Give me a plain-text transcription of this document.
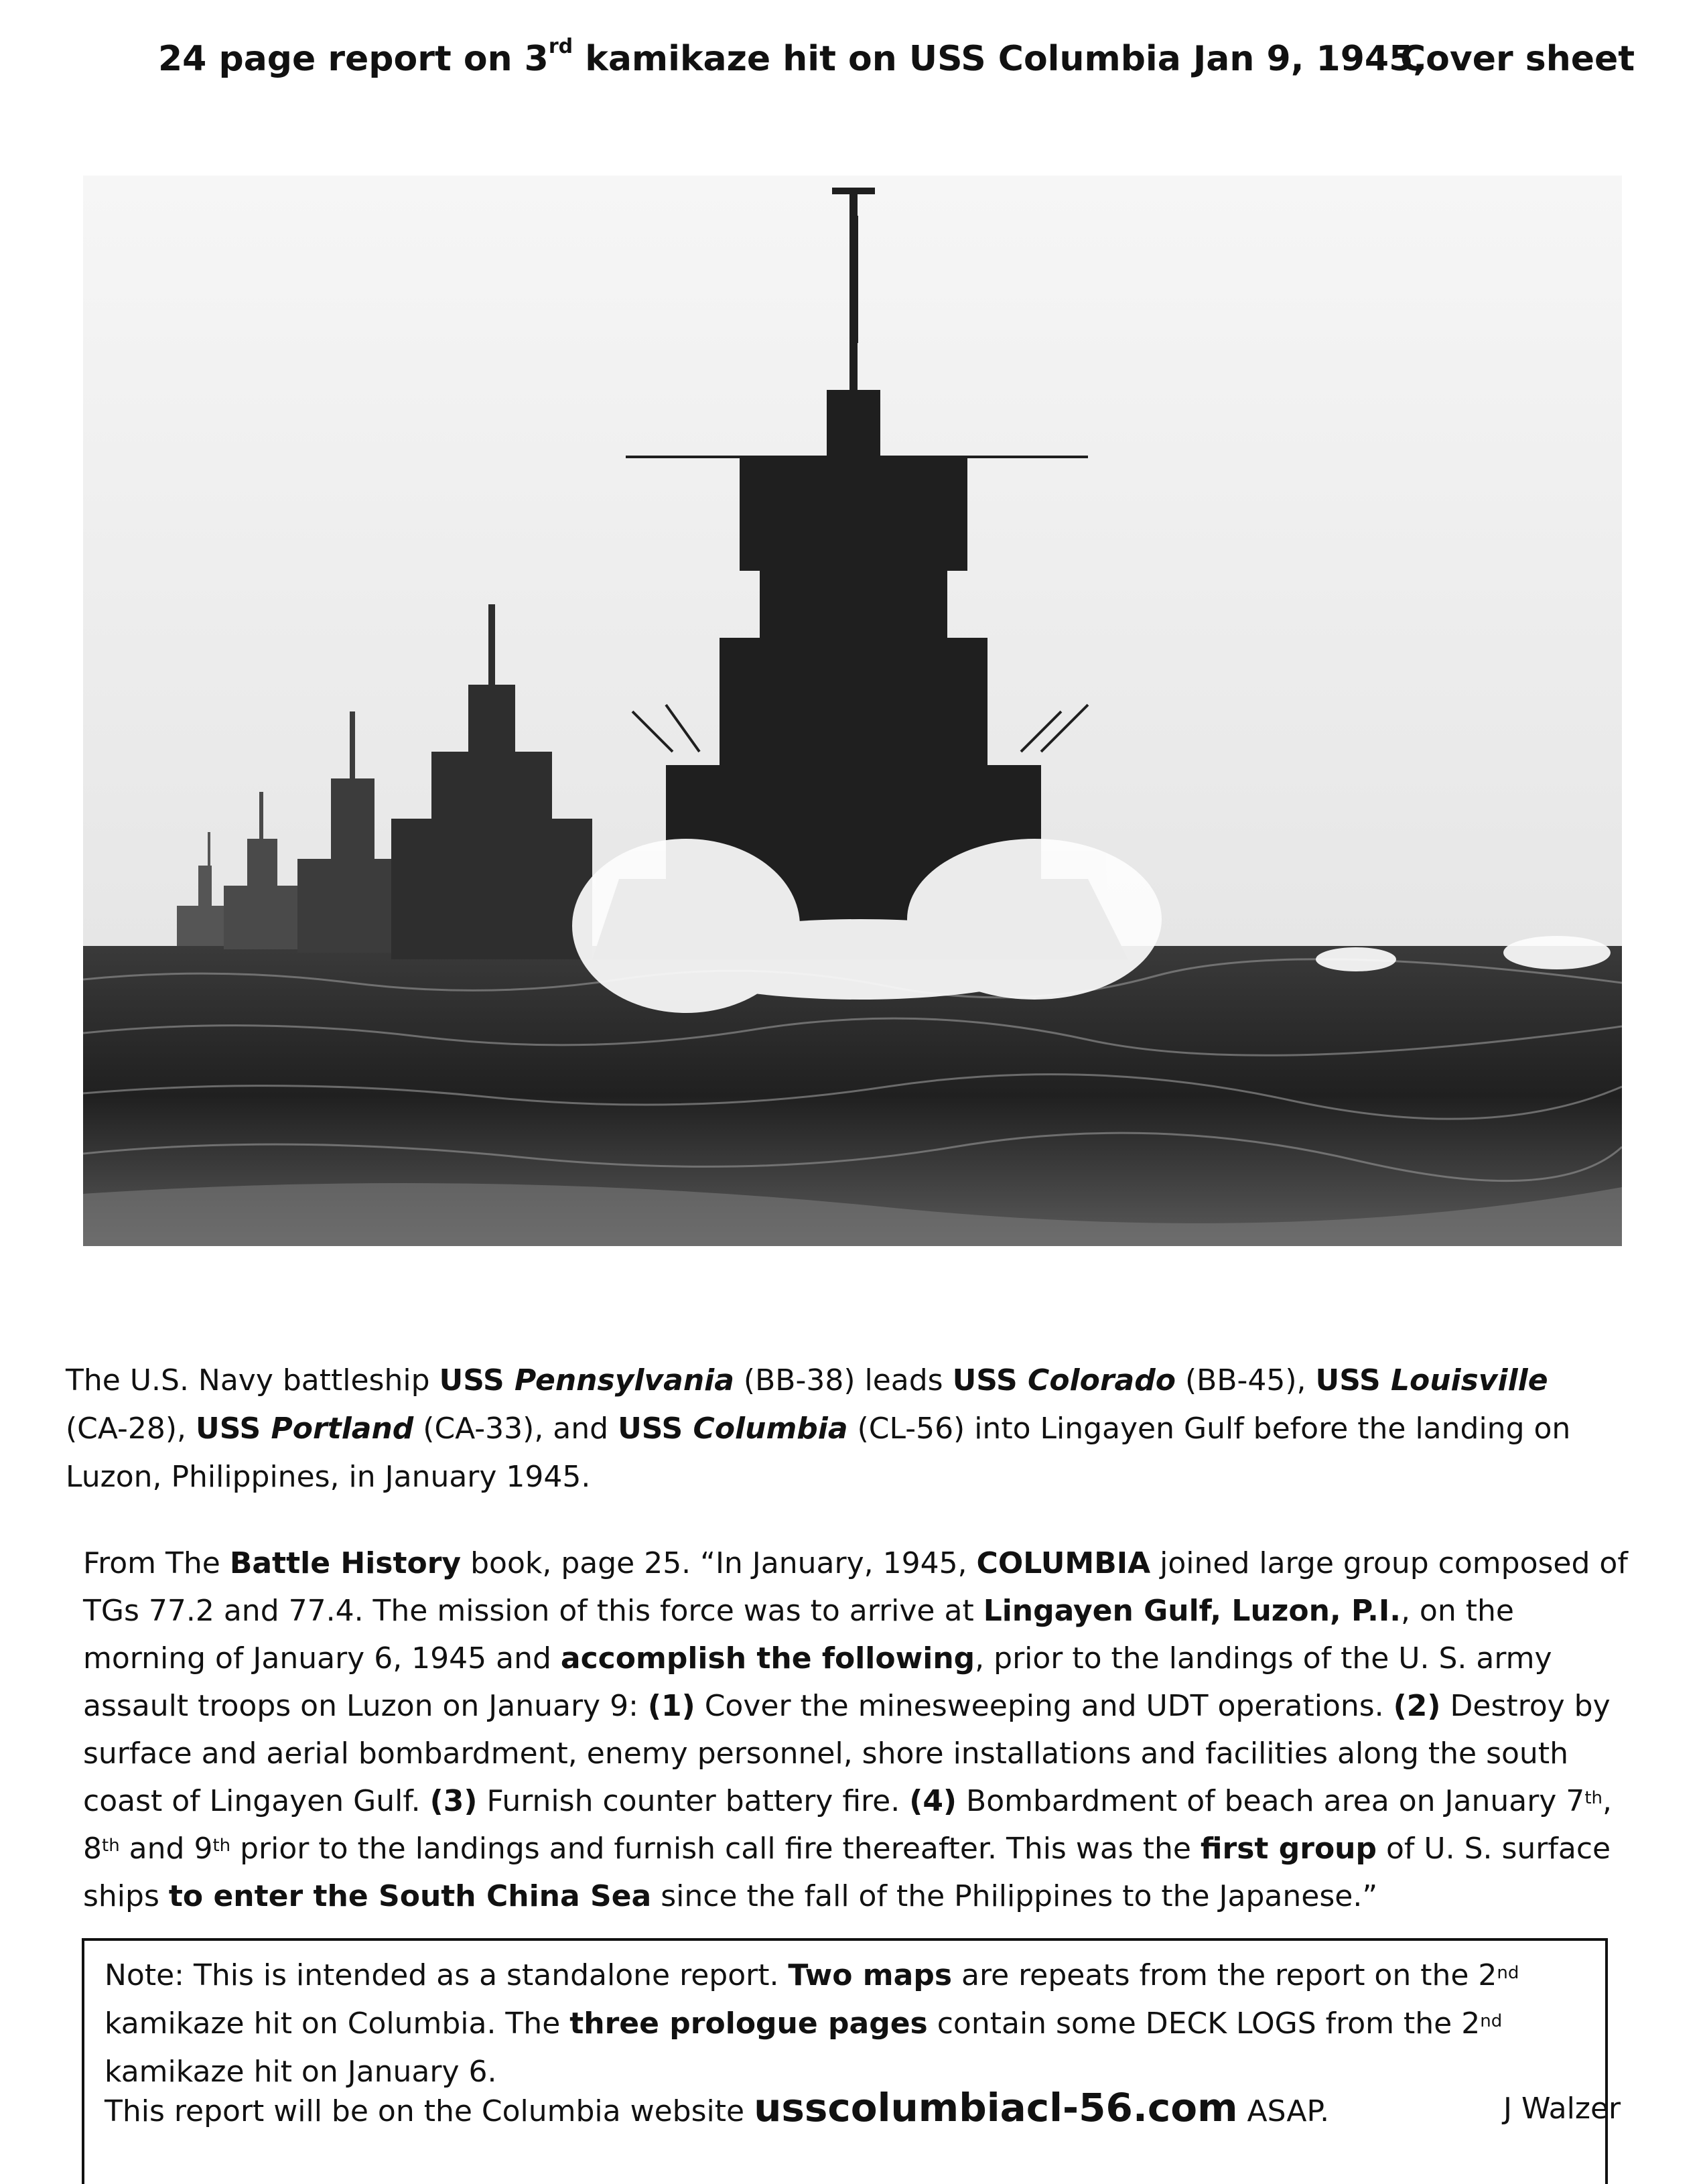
24 page report on 3rd kamikaze hit on USS Columbia Jan 9, 1945,
Cover sheet
The U.S. Navy battleship USS Pennsylvania (BB-38) leads USS Colorado (BB-45), USS Louisville (CA-28), USS Portland (CA-33), and USS Columbia (CL-56) into Lingayen Gulf before the landing on Luzon, Philippines, in January 1945.
From The Battle History book, page 25. “In January, 1945, COLUMBIA joined large group composed of TGs 77.2 and 77.4. The mission of this force was to arrive at Lingayen Gulf, Luzon, P.I., on the morning of January 6, 1945 and accomplish the following, prior to the landings of the U. S. army assault troops on Luzon on January 9: (1) Cover the minesweeping and UDT operations. (2) Destroy by surface and aerial bombardment, enemy personnel, shore installations and facilities along the south coast of Lingayen Gulf. (3) Furnish counter battery fire. (4) Bombardment of beach area on January 7th, 8th and 9th prior to the landings and furnish call fire thereafter. This was the first group of U. S. surface ships to enter the South China Sea since the fall of the Philippines to the Japanese.”
Note: This is intended as a standalone report. Two maps are repeats from the report on the 2nd kamikaze hit on Columbia. The three prologue pages contain some DECK LOGS from the 2nd kamikaze hit on January 6.
This report will be on the Columbia website usscolumbiacl-56.com ASAP.	J Walzer
